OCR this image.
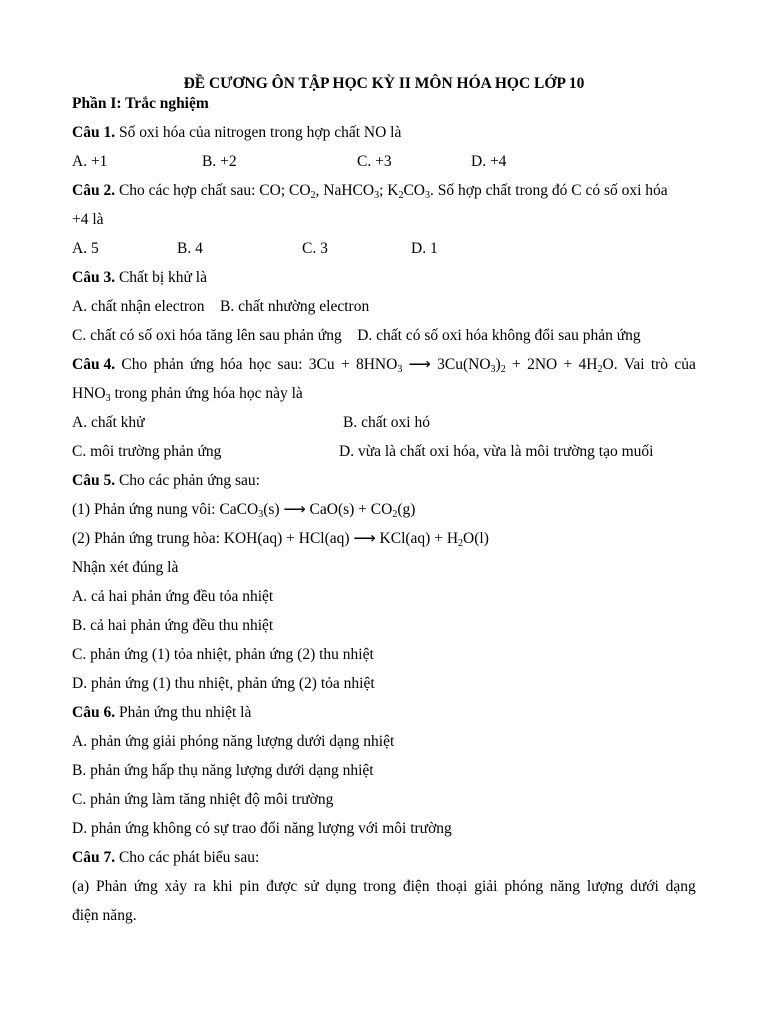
ĐỀ CƯƠNG ÔN TẬP HỌC KỲ II MÔN HÓA HỌC LỚP 10
Phần I: Trắc nghiệm
Câu 1. Số oxi hóa của nitrogen trong hợp chất NO là
A. +1	B. +2	C. +3	D. +4
Câu 2. Cho các hợp chất sau: CO; $CO_2$, NaHCO$_3$; $K_2CO_3$. Số hợp chất trong đó C có số oxi hóa
+4 là
A. 5	B. 4	C. 3	D. 1
Câu 3. Chất bị khử là
A. chất nhận electron    B. chất nhường electron
C. chất có số oxi hóa tăng lên sau phản ứng    D. chất có số oxi hóa không đổi sau phản ứng
Câu 4. Cho phản ứng hóa học sau: $3Cu + 8HNO_3$ ⟶ $3Cu(NO_3)_2 + 2NO + 4H_2O$. Vai trò của
$HNO_3$ trong phản ứng hóa học này là
A. chất khử	B. chất oxi hó
C. môi trường phản ứng	D. vừa là chất oxi hóa, vừa là môi trường tạo muối
Câu 5. Cho các phản ứng sau:
(1) Phản ứng nung vôi: CaCO$_3$(s) ⟶ $CaO(s) + CO_2(g)$
(2) Phản ứng trung hòa: KOH(aq) + HCl(aq) ⟶ $KCl(aq) + H_2O(l)$
Nhận xét đúng là
A. cả hai phản ứng đều tỏa nhiệt
B. cả hai phản ứng đều thu nhiệt
C. phản ứng (1) tỏa nhiệt, phản ứng (2) thu nhiệt
D. phản ứng (1) thu nhiệt, phản ứng (2) tỏa nhiệt
Câu 6. Phản ứng thu nhiệt là
A. phản ứng giải phóng năng lượng dưới dạng nhiệt
B. phản ứng hấp thụ năng lượng dưới dạng nhiệt
C. phản ứng làm tăng nhiệt độ môi trường
D. phản ứng không có sự trao đổi năng lượng với môi trường
Câu 7. Cho các phát biểu sau:
(a) Phản ứng xảy ra khi pin được sử dụng trong điện thoại giải phóng năng lượng dưới dạng
điện năng.
